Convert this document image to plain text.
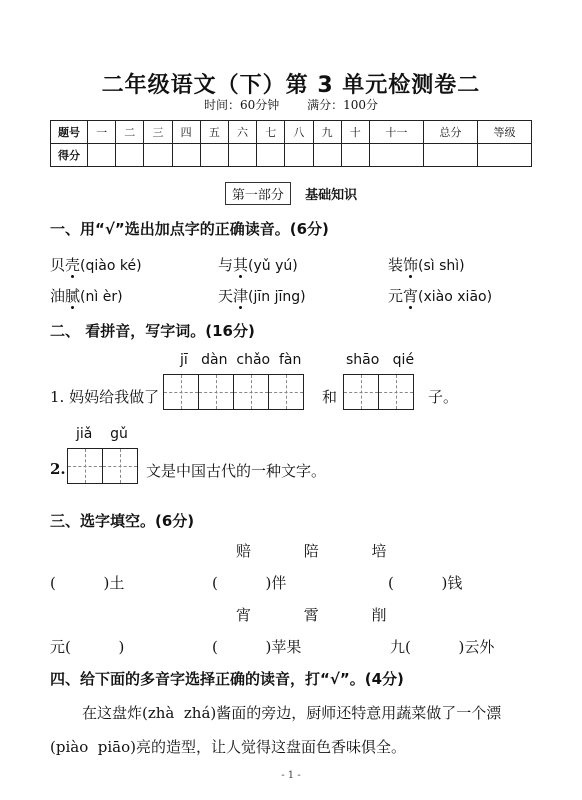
二年级语文（下）第 3 单元检测卷二
时间：60分钟 满分：100分
题号	一	二	三	四	五	六	七	八	九	十	十一	总分	等级
得分													
第一部分 基础知识
一、用“√”选出加点字的正确读音。(6分)
贝壳(qiào ké)	与其(yǔ yú)	装饰(sì shì)
油腻(nì èr)	天津(jīn jīng)	元宵(xiào xiāo)
二、 看拼音，写字词。(16分)
jī   dàn  chǎo  fàn	shāo   qié
1. 妈妈给我做了	和	子。
jiǎ    gǔ
2.	文是中国古代的一种文字。
三、选字填空。(6分)
赔 陪 培
(          )土	(          )伴	(          )钱
宵 霄 削
元(          )	(          )苹果	九(          )云外
四、给下面的多音字选择正确的读音，打“√”。(4分)
在这盘炸(zhà  zhá)酱面的旁边，厨师还特意用蔬菜做了一个漂
(piào  piāo)亮的造型，让人觉得这盘面色香味俱全。
- 1 -
